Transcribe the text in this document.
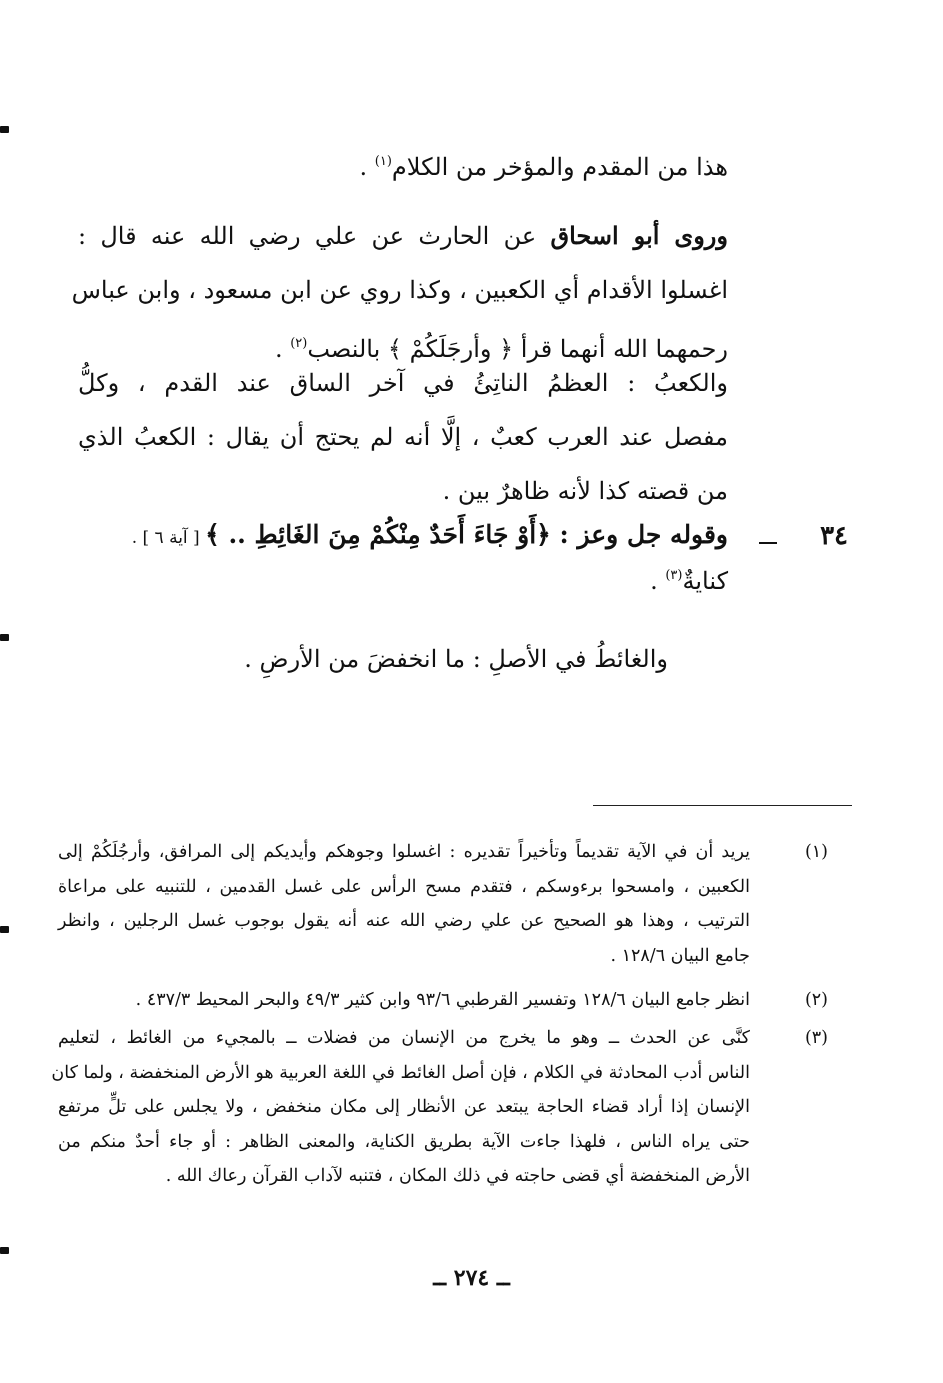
هذا من المقدم والمؤخر من الكلام$^{(١)}$ .
وروى أبو اسحاق عن الحارث عن علي رضي الله عنه قال :
اغسلوا الأقدام أي الكعبين ، وكذا روي عن ابن مسعود ، وابن عباس
رحمهما الله أنهما قرأ ﴿ وأرجَلَكُمْ ﴾ بالنصب$^{(٢)}$ .
والكعبُ : العظمُ الناتِئُ في آخر الساق عند القدم ، وكلُّ
مفصل عند العرب كعبٌ ، إلَّا أنه لم يحتج أن يقال : الكعبُ الذي
من قصته كذا لأنه ظاهرٌ بين .
٣٤
وقوله جل وعز : ﴿أَوْ جَاءَ أَحَدٌ مِنْكُمْ مِنَ الغَائِطِ .. ﴾ [ آية ٦ ] .
كنايةٌ$^{(٣)}$ .
والغائطُ في الأصلِ : ما انخفضَ من الأرضِ .
(١)
يريد أن في الآية تقديماً وتأخيراً تقديره : اغسلوا وجوهكم وأيديكم إلى المرافق، وأرجُلَكُمْ إلى
الكعبين ، وامسحوا برءوسكم ، فتقدم مسح الرأس على غسل القدمين ، للتنبيه على مراعاة
الترتيب ، وهذا هو الصحيح عن علي رضي الله عنه أنه يقول بوجوب غسل الرجلين ، وانظر
جامع البيان ١٢٨/٦ .
(٢)
انظر جامع البيان ١٢٨/٦ وتفسير القرطبي ٩٣/٦ وابن كثير ٤٩/٣ والبحر المحيط ٤٣٧/٣ .
(٣)
كنَّى عن الحدث ــ وهو ما يخرج من الإنسان من فضلات ــ بالمجيء من الغائط ، لتعليم
الناس أدب المحادثة في الكلام ، فإن أصل الغائط في اللغة العربية هو الأرض المنخفضة ، ولما كان
الإنسان إذا أراد قضاء الحاجة يبتعد عن الأنظار إلى مكان منخفض ، ولا يجلس على تلٍّ مرتفع
حتى يراه الناس ، فلهذا جاءت الآية بطريق الكناية، والمعنى الظاهر : أو جاء أحدٌ منكم من
الأرض المنخفضة أي قضى حاجته في ذلك المكان ، فتنبه لآداب القرآن رعاك الله .
ــ ٢٧٤ ــ
